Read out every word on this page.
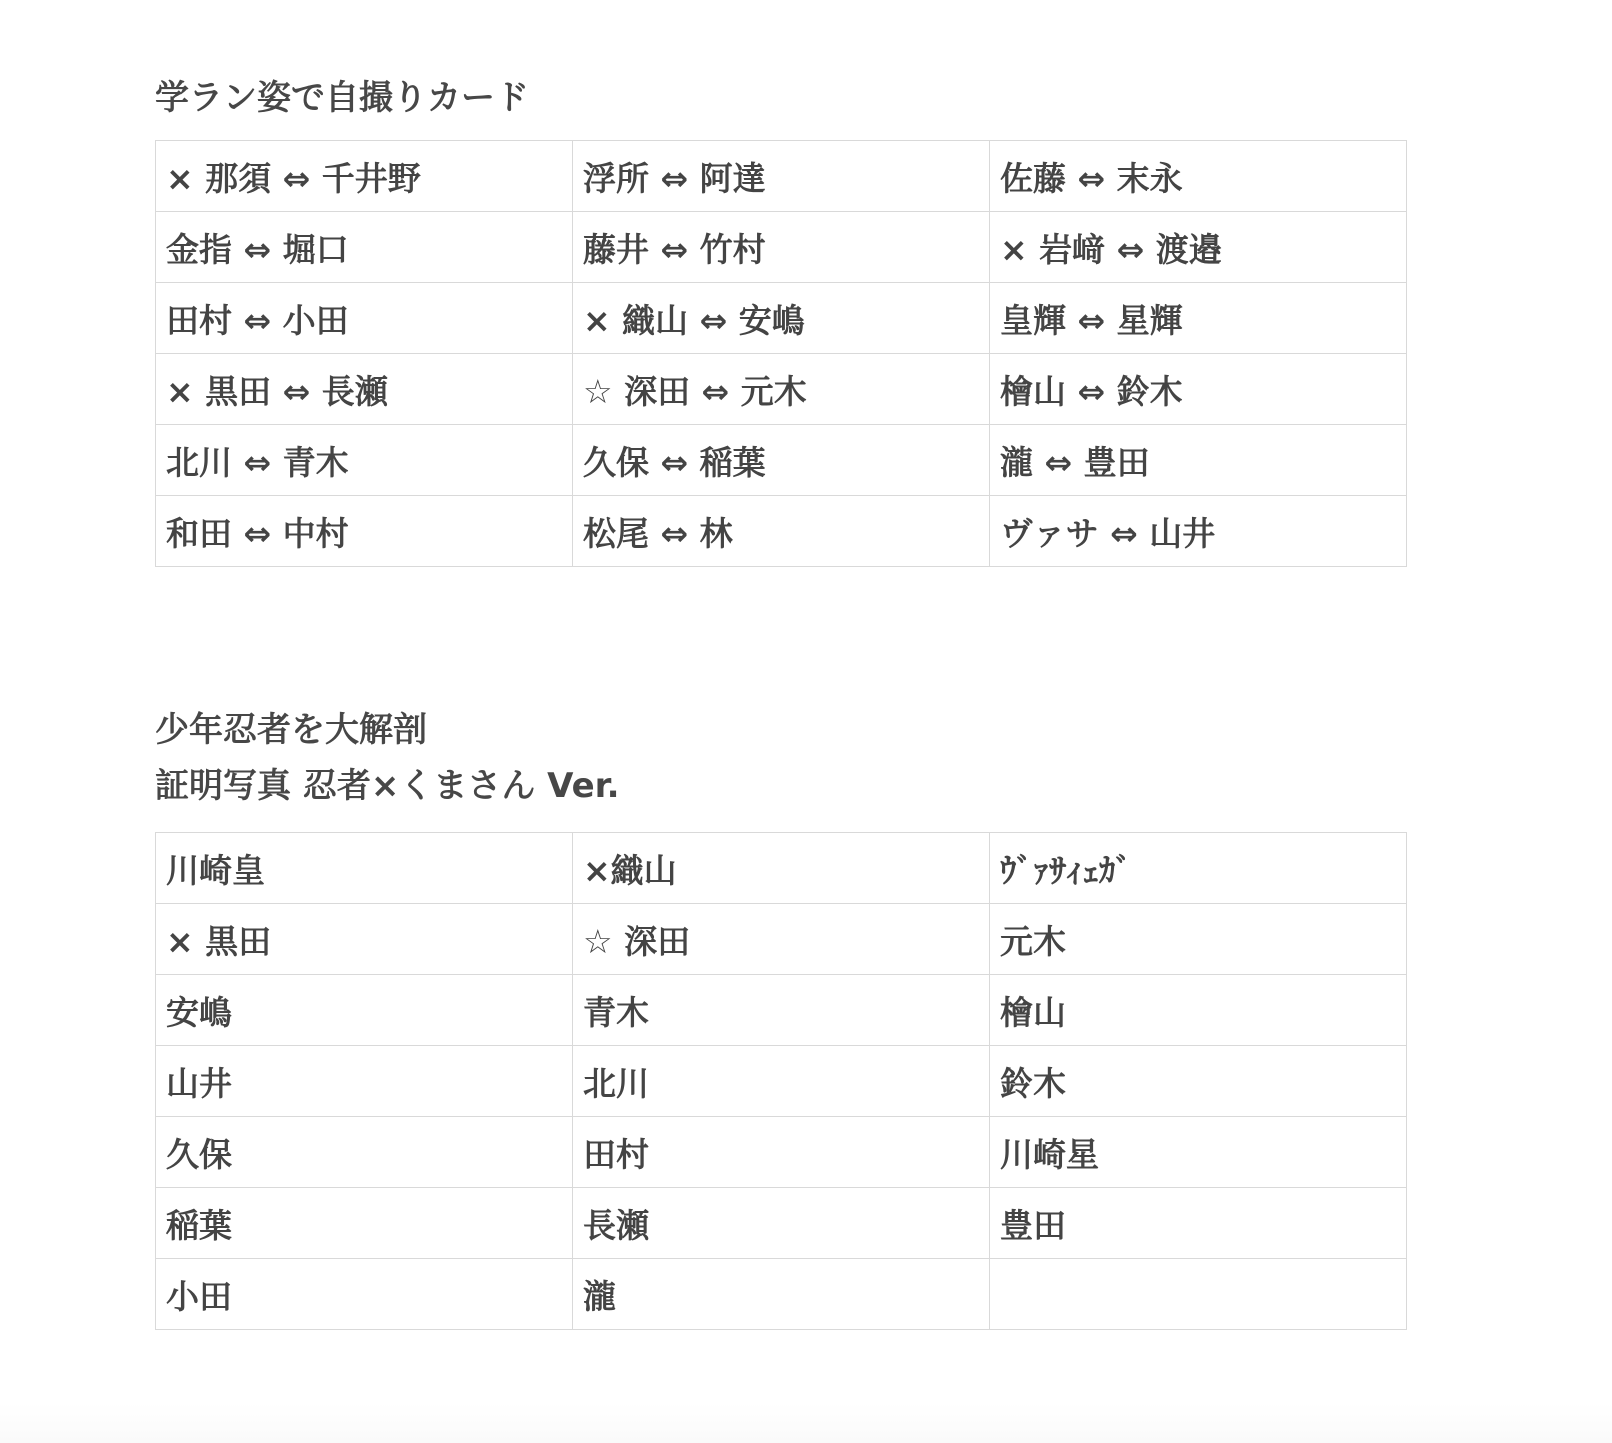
学ラン姿で自撮りカード
× 那須 ⇔ 千井野	浮所 ⇔ 阿達	佐藤 ⇔ 末永
金指 ⇔ 堀口	藤井 ⇔ 竹村	× 岩﨑 ⇔ 渡邉
田村 ⇔ 小田	× 織山 ⇔ 安嶋	皇輝 ⇔ 星輝
× 黒田 ⇔ 長瀬	☆ 深田 ⇔ 元木	檜山 ⇔ 鈴木
北川 ⇔ 青木	久保 ⇔ 稲葉	瀧 ⇔ 豊田
和田 ⇔ 中村	松尾 ⇔ 林	ヴァサ ⇔ 山井
少年忍者を大解剖
証明写真 忍者×くまさん Ver.
川崎皇	×織山	ｳﾞｧｻｨｪｶﾞ
× 黒田	☆ 深田	元木
安嶋	青木	檜山
山井	北川	鈴木
久保	田村	川崎星
稲葉	長瀬	豊田
小田	瀧	
